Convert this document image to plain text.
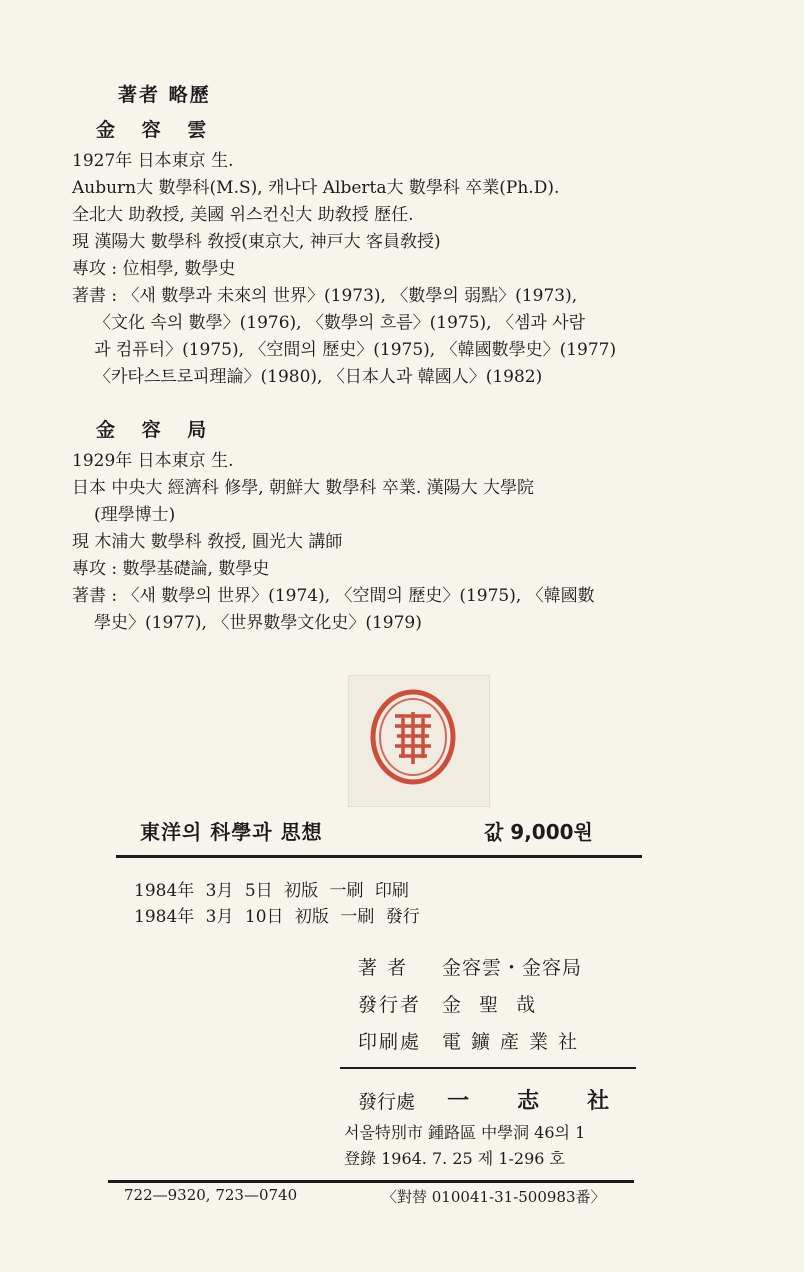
著者 略歷
金 容 雲
1927年 日本東京 生.
Auburn大 數學科(M.S), 캐나다 Alberta大 數學科 卒業(Ph.D).
全北大 助敎授, 美國 위스컨신大 助敎授 歷任.
現 漢陽大 數學科 敎授(東京大, 神戸大 客員敎授)
專攻 : 位相學, 數學史
著書 : 〈새 數學과 未來의 世界〉(1973), 〈數學의 弱點〉(1973),
〈文化 속의 數學〉(1976), 〈數學의 흐름〉(1975), 〈셈과 사람
과 컴퓨터〉(1975), 〈空間의 歷史〉(1975), 〈韓國數學史〉(1977)
〈카타스트로피理論〉(1980), 〈日本人과 韓國人〉(1982)
金 容 局
1929年 日本東京 生.
日本 中央大 經濟科 修學, 朝鮮大 數學科 卒業. 漢陽大 大學院
(理學博士)
現 木浦大 數學科 敎授, 圓光大 講師
專攻 : 數學基礎論, 數學史
著書 : 〈새 數學의 世界〉(1974), 〈空間의 歷史〉(1975), 〈韓國數
學史〉(1977), 〈世界數學文化史〉(1979)
東洋의 科學과 思想	값 9,000원
1984年 3月 5日 初版 一刷 印刷
1984年 3月 10日 初版 一刷 發行
著 者 金容雲・金容局
發行者 金 聖 哉
印刷處 電鑛產業社
發行處 一志社
서울特別市 鍾路區 中學洞 46의 1
登錄 1964. 7. 25 제 1-296 호
722—9320, 723—0740	〈對替 010041-31-500983番〉
